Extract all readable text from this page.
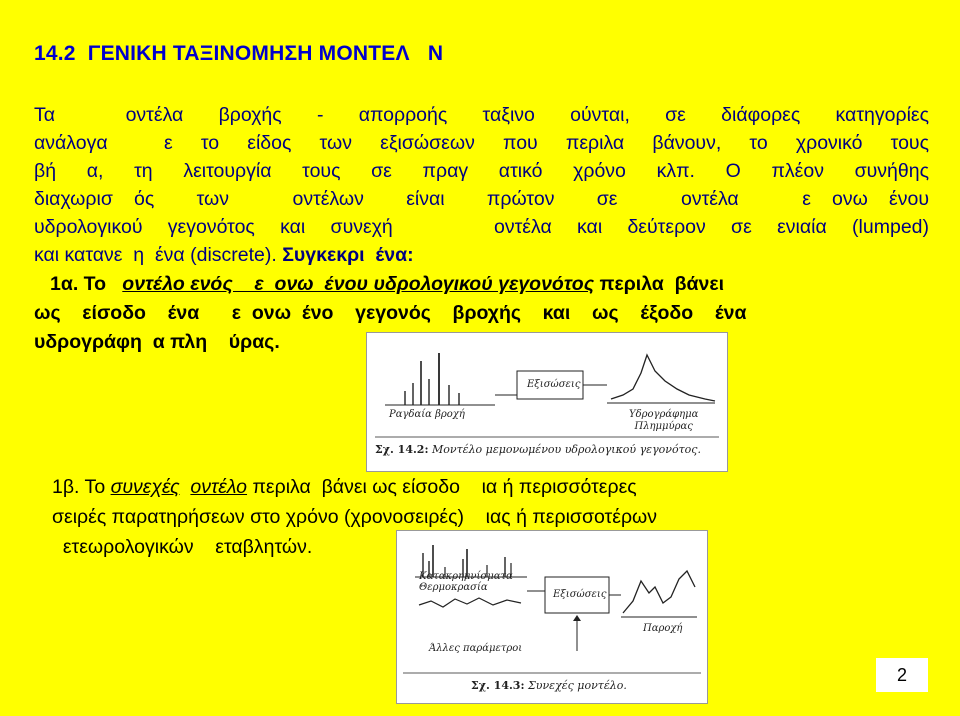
14.2  ΓΕΝΙΚΗ ΤΑΞΙΝΟΜΗΣΗ ΜΟΝΤΕΛ   Ν
Τα    οντέλα  βροχής  -  απορροής  ταξινο  ούνται,  σε  διάφορες  κατηγορίες
ανάλογα    ε  το  είδος  των  εξισώσεων  που  περιλα  βάνουν,  το  χρονικό  τους
βή  α,  τη  λειτουργία  τους  σε  πραγ  ατικό  χρόνο  κλπ.  Ο  πλέον  συνήθης
διαχωρισ  ός    των      οντέλων    είναι    πρώτον    σε      οντέλα      ε  ονω  ένου
υδρολογικού γεγονότος και συνεχή    οντέλα και δεύτερον σε ενιαία (lumped)
και κατανε  η  ένα (discrete). Συγκεκρι  ένα:
1α. Το   οντέλο ενός    ε  ονω  ένου υδρολογικού γεγονότος περιλα  βάνει
ως    είσοδο    ένα      ε  ονω  ένο    γεγονός    βροχής    και    ως    έξοδο    ένα
υδρογράφη  α πλη    ύρας.
Ραγδαία βροχή
Εξισώσεις
Υδρογράφημα
Πλημμύρας
Σχ. 14.2: Μοντέλο μεμονωμένου υδρολογικού γεγονότος.
1β. Το συνεχές οντέλο περιλα  βάνει ως είσοδο    ια ή περισσότερες
σειρές παρατηρήσεων στο χρόνο (χρονοσειρές)    ιας ή περισσοτέρων
ετεωρολογικών    εταβλητών.
Κατακρημνίσματα
Θερμοκρασία
Εξισώσεις
Παροχή
Άλλες παράμετροι
Σχ. 14.3: Συνεχές μοντέλο.
2
